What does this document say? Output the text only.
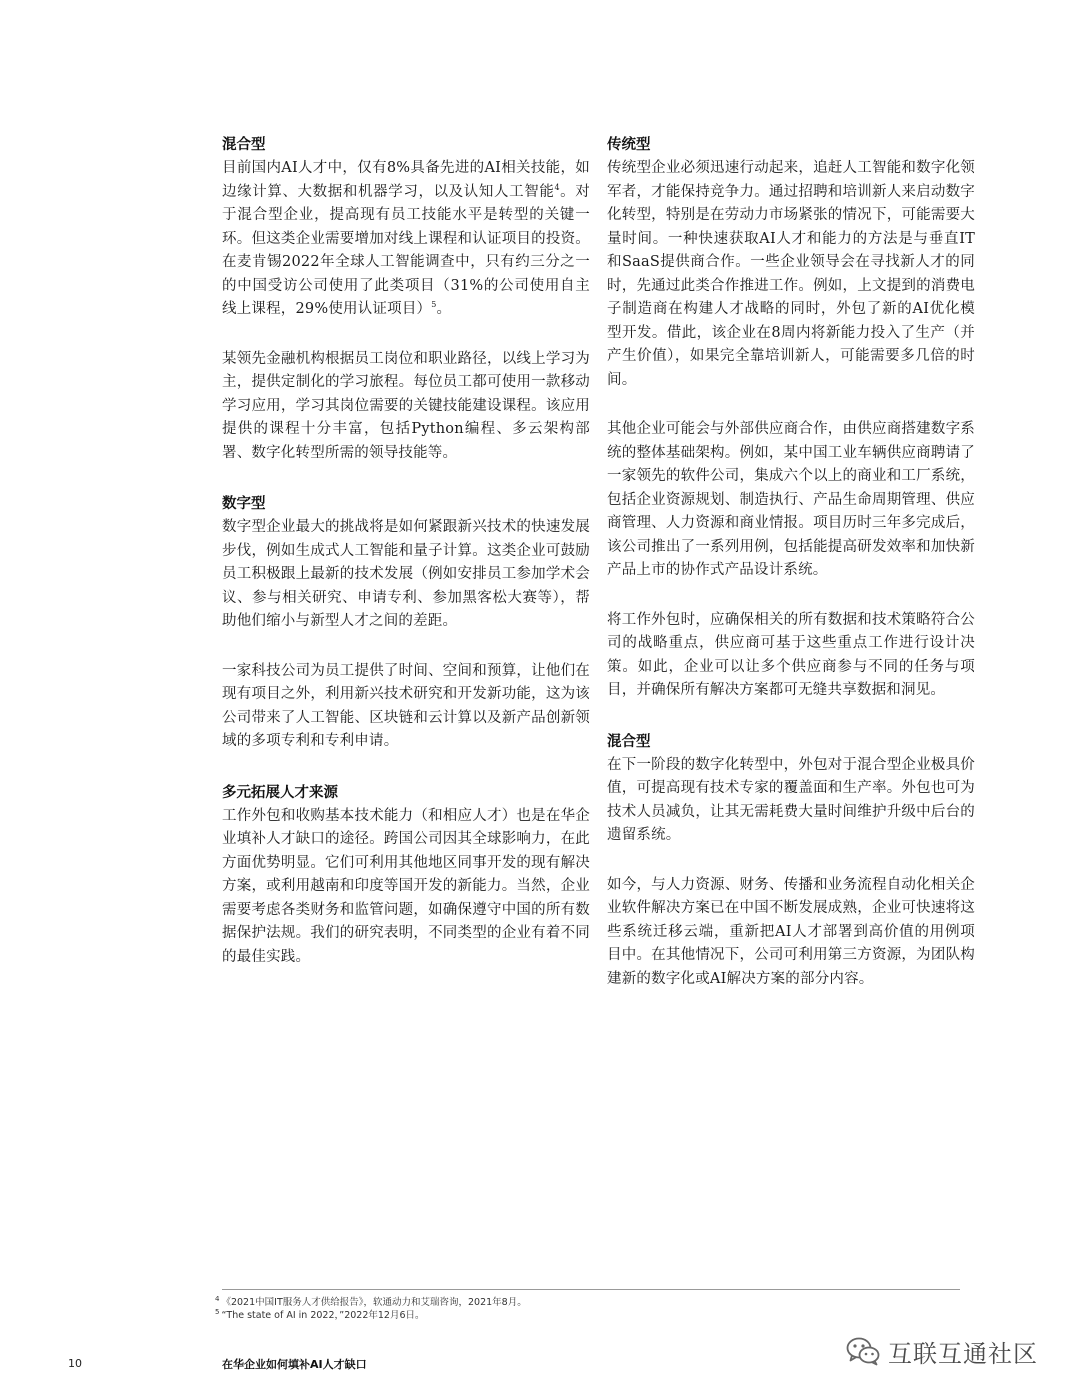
混合型

目前国内AI人才中，仅有8%具备先进的AI相关技能，如边缘计算、大数据和机器学习，以及认知人工智能$^4$。对于混合型企业，提高现有员工技能水平是转型的关键一环。但这类企业需要增加对线上课程和认证项目的投资。在麦肯锡2022年全球人工智能调查中，只有约三分之一的中国受访公司使用了此类项目（31%的公司使用自主线上课程，29%使用认证项目）$^5$。

某领先金融机构根据员工岗位和职业路径，以线上学习为主，提供定制化的学习旅程。每位员工都可使用一款移动学习应用，学习其岗位需要的关键技能建设课程。该应用提供的课程十分丰富，包括Python编程、多云架构部署、数字化转型所需的领导技能等。

数字型

数字型企业最大的挑战将是如何紧跟新兴技术的快速发展步伐，例如生成式人工智能和量子计算。这类企业可鼓励员工积极跟上最新的技术发展（例如安排员工参加学术会议、参与相关研究、申请专利、参加黑客松大赛等），帮助他们缩小与新型人才之间的差距。

一家科技公司为员工提供了时间、空间和预算，让他们在现有项目之外，利用新兴技术研究和开发新功能，这为该公司带来了人工智能、区块链和云计算以及新产品创新领域的多项专利和专利申请。

多元拓展人才来源

工作外包和收购基本技术能力（和相应人才）也是在华企业填补人才缺口的途径。跨国公司因其全球影响力，在此方面优势明显。它们可利用其他地区同事开发的现有解决方案，或利用越南和印度等国开发的新能力。当然，企业需要考虑各类财务和监管问题，如确保遵守中国的所有数据保护法规。我们的研究表明，不同类型的企业有着不同的最佳实践。

传统型

传统型企业必须迅速行动起来，追赶人工智能和数字化领军者，才能保持竞争力。通过招聘和培训新人来启动数字化转型，特别是在劳动力市场紧张的情况下，可能需要大量时间。一种快速获取AI人才和能力的方法是与垂直IT和SaaS提供商合作。一些企业领导会在寻找新人才的同时，先通过此类合作推进工作。例如，上文提到的消费电子制造商在构建人才战略的同时，外包了新的AI优化模型开发。借此，该企业在8周内将新能力投入了生产（并产生价值），如果完全靠培训新人，可能需要多几倍的时间。

其他企业可能会与外部供应商合作，由供应商搭建数字系统的整体基础架构。例如，某中国工业车辆供应商聘请了一家领先的软件公司，集成六个以上的商业和工厂系统，包括企业资源规划、制造执行、产品生命周期管理、供应商管理、人力资源和商业情报。项目历时三年多完成后，该公司推出了一系列用例，包括能提高研发效率和加快新产品上市的协作式产品设计系统。

将工作外包时，应确保相关的所有数据和技术策略符合公司的战略重点，供应商可基于这些重点工作进行设计决策。如此，企业可以让多个供应商参与不同的任务与项目，并确保所有解决方案都可无缝共享数据和洞见。

混合型

在下一阶段的数字化转型中，外包对于混合型企业极具价值，可提高现有技术专家的覆盖面和生产率。外包也可为技术人员减负，让其无需耗费大量时间维护升级中后台的遗留系统。

如今，与人力资源、财务、传播和业务流程自动化相关企业软件解决方案已在中国不断发展成熟，企业可快速将这些系统迁移云端，重新把AI人才部署到高价值的用例项目中。在其他情况下，公司可利用第三方资源，为团队构建新的数字化或AI解决方案的部分内容。

$^4$ 《2021中国IT服务人才供给报告》，软通动力和艾瑞咨询，2021年8月。
$^5$ “The state of AI in 2022，”2022年12月6日。
10	在华企业如何填补AI人才缺口	互联互通社区
